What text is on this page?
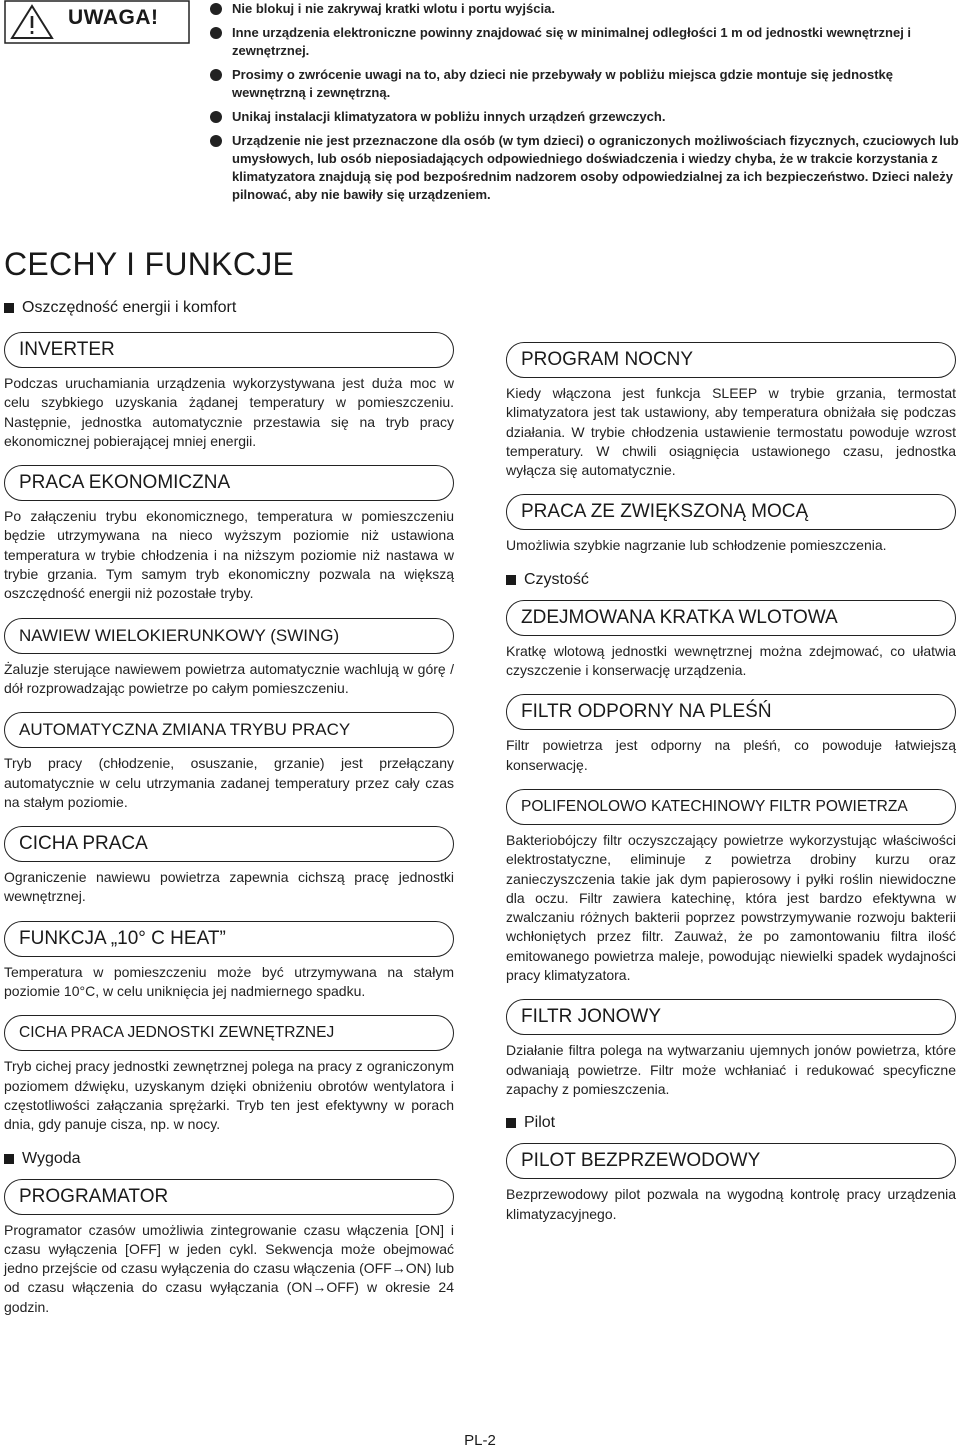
UWAGA!	Nie blokuj i nie zakrywaj kratki wlotu i portu wyjścia.
Inne urządzenia elektroniczne powinny znajdować się w minimalnej odległości 1 m od jednostki wewnętrznej i zewnętrznej.
Prosimy o zwrócenie uwagi na to, aby dzieci nie przebywały w pobliżu miejsca gdzie montuje się jednostkę wewnętrzną i zewnętrzną.
Unikaj instalacji klimatyzatora w pobliżu innych urządzeń grzewczych.
Urządzenie nie jest przeznaczone dla osób (w tym dzieci) o ograniczonych możliwościach fizycznych, czuciowych lub umysłowych, lub osób nieposiadających odpowiedniego doświadczenia i wiedzy chyba, że w trakcie korzystania z klimatyzatora znajdują się pod bezpośrednim nadzorem osoby odpowiedzialnej za ich bezpieczeństwo. Dzieci należy pilnować, aby nie bawiły się urządzeniem.
CECHY I FUNKCJE
Oszczędność energii i komfort
INVERTER

Podczas uruchamiania urządzenia wykorzystywana jest duża moc w celu szybkiego uzyskania żądanej temperatury w pomieszczeniu. Następnie, jednostka automatycznie przestawia się na tryb pracy ekonomicznej pobierającej mniej energii.

PRACA EKONOMICZNA

Po załączeniu trybu ekonomicznego, temperatura w pomieszczeniu będzie utrzymywana na nieco wyższym poziomie niż ustawiona temperatura w trybie chłodzenia i na niższym poziomie niż nastawa w trybie grzania. Tym samym tryb ekonomiczny pozwala na większą oszczędność energii niż pozostałe tryby.

NAWIEW WIELOKIERUNKOWY (SWING)

Żaluzje sterujące nawiewem powietrza automatycznie wachlują w górę / dół rozprowadzając powietrze po całym pomieszczeniu.

AUTOMATYCZNA ZMIANA TRYBU PRACY

Tryb pracy (chłodzenie, osuszanie, grzanie) jest przełączany automatycznie w celu utrzymania zadanej temperatury przez cały czas na stałym poziomie.

CICHA PRACA

Ograniczenie nawiewu powietrza zapewnia cichszą pracę jednostki wewnętrznej.

FUNKCJA „10° C HEAT”

Temperatura w pomieszczeniu może być utrzymywana na stałym poziomie 10°C, w celu uniknięcia jej nadmiernego spadku.

CICHA PRACA JEDNOSTKI ZEWNĘTRZNEJ

Tryb cichej pracy jednostki zewnętrznej polega na pracy z ograniczonym poziomem dźwięku, uzyskanym dzięki obniżeniu obrotów wentylatora i częstotliwości załączania sprężarki. Tryb ten jest efektywny w porach dnia, gdy panuje cisza, np. w nocy.

Wygoda
PROGRAMATOR

Programator czasów umożliwia zintegrowanie czasu włączenia [ON] i czasu wyłączenia [OFF] w jeden cykl. Sekwencja może obejmować jedno przejście od czasu wyłączenia do czasu włączenia (OFF→ON) lub od czasu włączenia do czasu wyłączania (ON→OFF) w okresie 24 godzin.

PROGRAM NOCNY

Kiedy włączona jest funkcja SLEEP w trybie grzania, termostat klimatyzatora jest tak ustawiony, aby temperatura obniżała się podczas działania. W trybie chłodzenia ustawienie termostatu powoduje wzrost temperatury. W chwili osiągnięcia ustawionego czasu, jednostka wyłącza się automatycznie.

PRACA ZE ZWIĘKSZONĄ MOCĄ

Umożliwia szybkie nagrzanie lub schłodzenie pomieszczenia.

Czystość
ZDEJMOWANA KRATKA WLOTOWA

Kratkę wlotową jednostki wewnętrznej można zdejmować, co ułatwia czyszczenie i konserwację urządzenia.

FILTR ODPORNY NA PLEŚŃ

Filtr powietrza jest odporny na pleśń, co powoduje łatwiejszą konserwację.

POLIFENOLOWO KATECHINOWY FILTR POWIETRZA

Bakteriobójczy filtr oczyszczający powietrze wykorzystując właściwości elektrostatyczne, eliminuje z powietrza drobiny kurzu oraz zanieczyszczenia takie jak dym papierosowy i pyłki roślin niewidoczne dla oczu. Filtr zawiera katechinę, która jest bardzo efektywna w zwalczaniu różnych bakterii poprzez powstrzymywanie rozwoju bakterii wchłoniętych przez filtr. Zauważ, że po zamontowaniu filtra ilość emitowanego powietrza maleje, powodując niewielki spadek wydajności pracy klimatyzatora.

FILTR JONOWY

Działanie filtra polega na wytwarzaniu ujemnych jonów powietrza, które odwaniają powietrze. Filtr może wchłaniać i redukować specyficzne zapachy z pomieszczenia.

Pilot
PILOT BEZPRZEWODOWY

Bezprzewodowy pilot pozwala na wygodną kontrolę pracy urządzenia klimatyzacyjnego.

PL-2
